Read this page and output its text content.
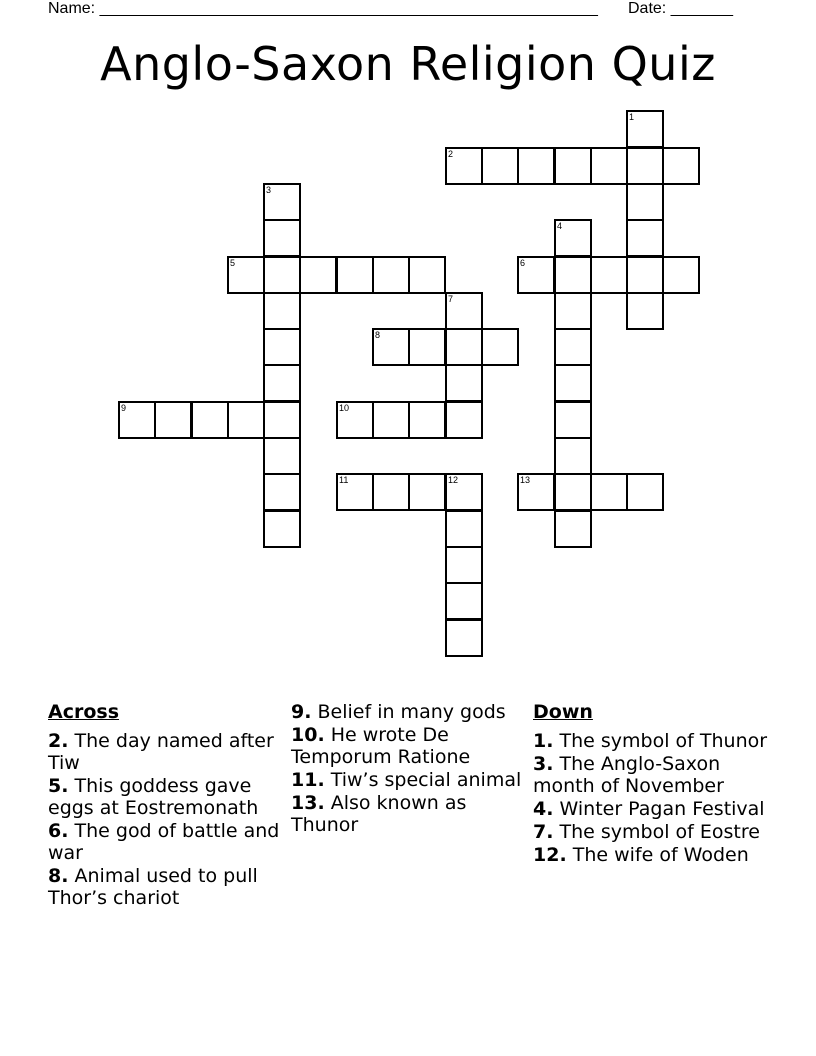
Name: ________________________________________________________ Date: _______
Anglo-Saxon Religion Quiz
1
2
3
4
5	6
7
8
9	10
11	12	13
Across
2. The day named after Tiw
5. This goddess gave eggs at Eostremonath
6. The god of battle and war
8. Animal used to pull Thor’s chariot
9. Belief in many gods
10. He wrote De Temporum Ratione
11. Tiw’s special animal
13. Also known as Thunor
Down
1. The symbol of Thunor
3. The Anglo-Saxon month of November
4. Winter Pagan Festival
7. The symbol of Eostre
12. The wife of Woden
